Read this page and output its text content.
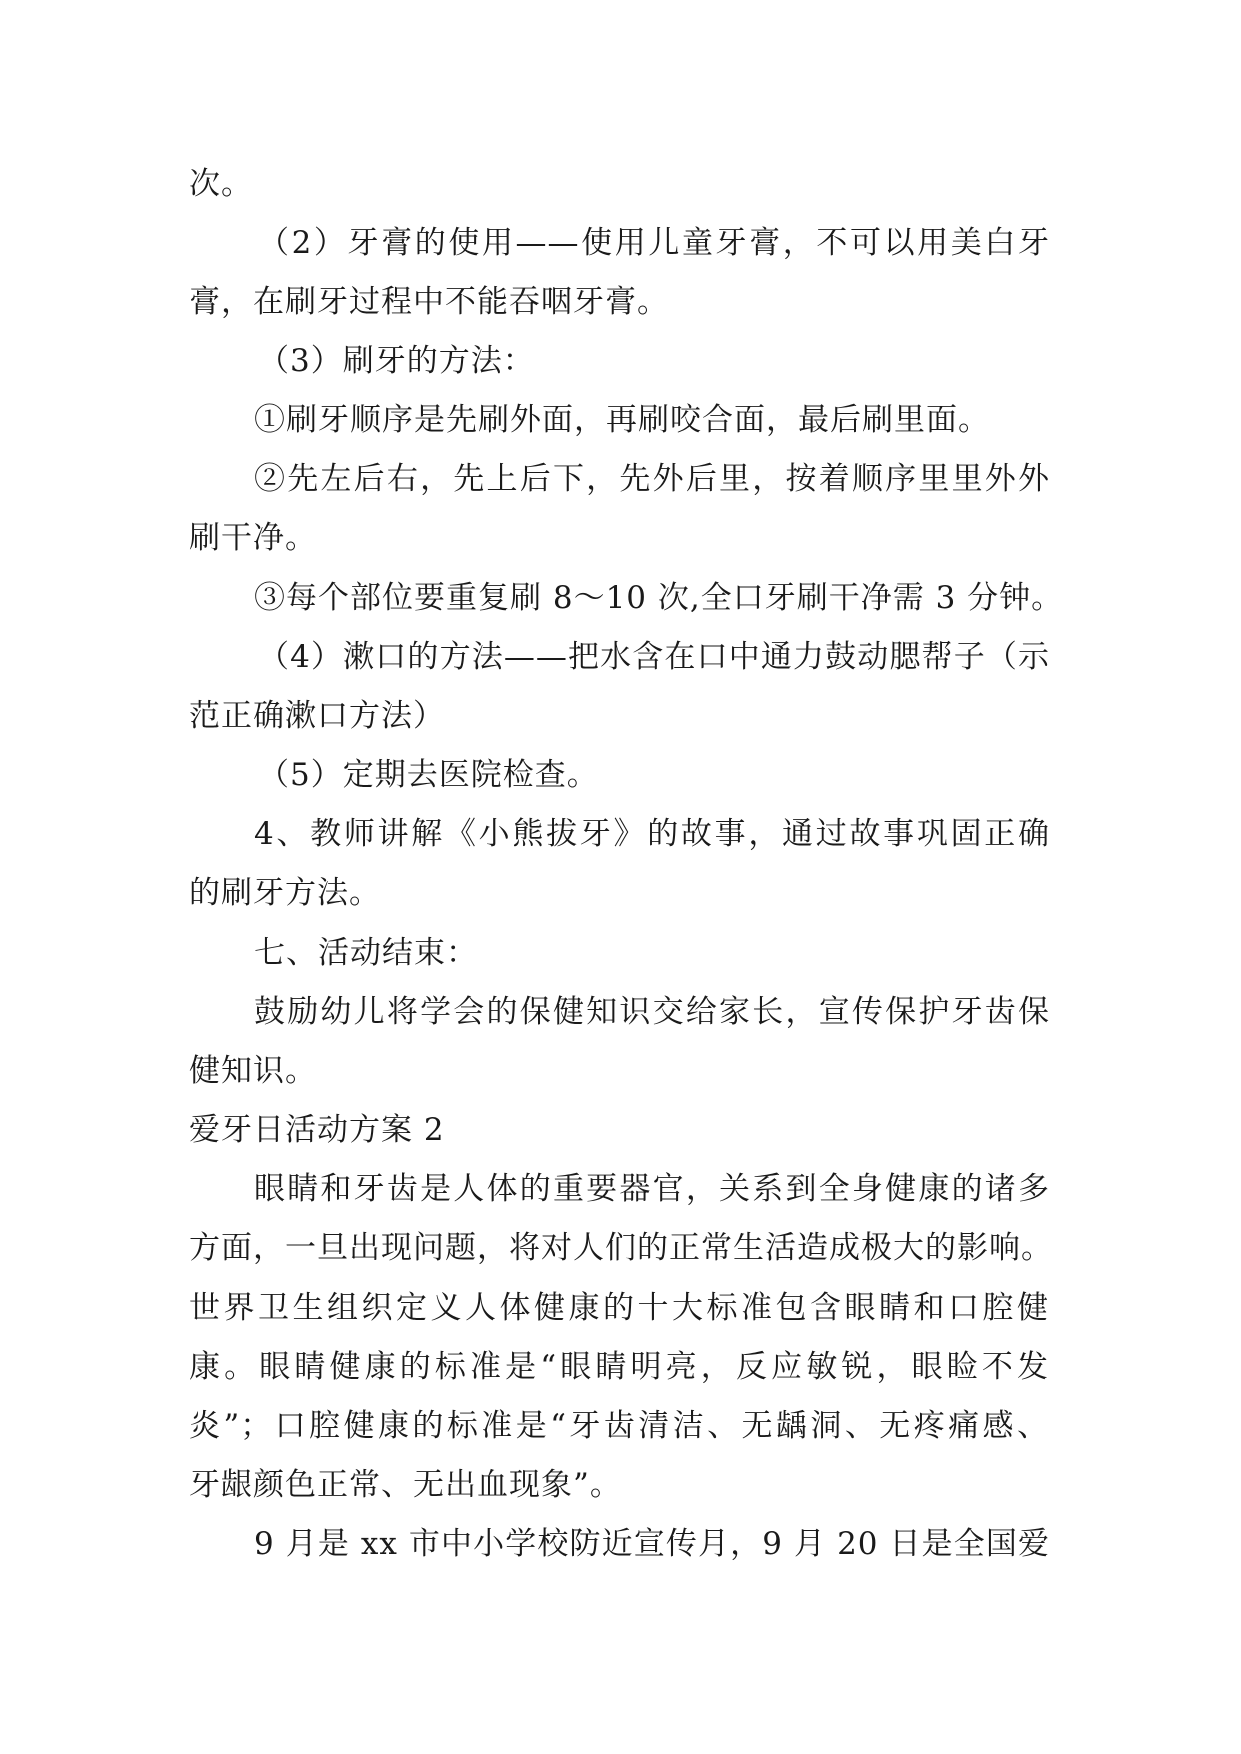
次。
（2）牙膏的使用——使用儿童牙膏，不可以用美白牙
膏，在刷牙过程中不能吞咽牙膏。
（3）刷牙的方法：
①刷牙顺序是先刷外面，再刷咬合面，最后刷里面。
②先左后右，先上后下，先外后里，按着顺序里里外外
刷干净。
③每个部位要重复刷 8～10 次,全口牙刷干净需 3 分钟。
（4）漱口的方法——把水含在口中通力鼓动腮帮子（示
范正确漱口方法）
（5）定期去医院检查。
4、教师讲解《小熊拔牙》的故事，通过故事巩固正确
的刷牙方法。
七、活动结束：
鼓励幼儿将学会的保健知识交给家长，宣传保护牙齿保
健知识。
爱牙日活动方案 2
眼睛和牙齿是人体的重要器官，关系到全身健康的诸多
方面，一旦出现问题，将对人们的正常生活造成极大的影响。
世界卫生组织定义人体健康的十大标准包含眼睛和口腔健
康。眼睛健康的标准是“眼睛明亮，反应敏锐，眼睑不发
炎”；口腔健康的标准是“牙齿清洁、无龋洞、无疼痛感、
牙龈颜色正常、无出血现象”。
9 月是 xx 市中小学校防近宣传月，9 月 20 日是全国爱
